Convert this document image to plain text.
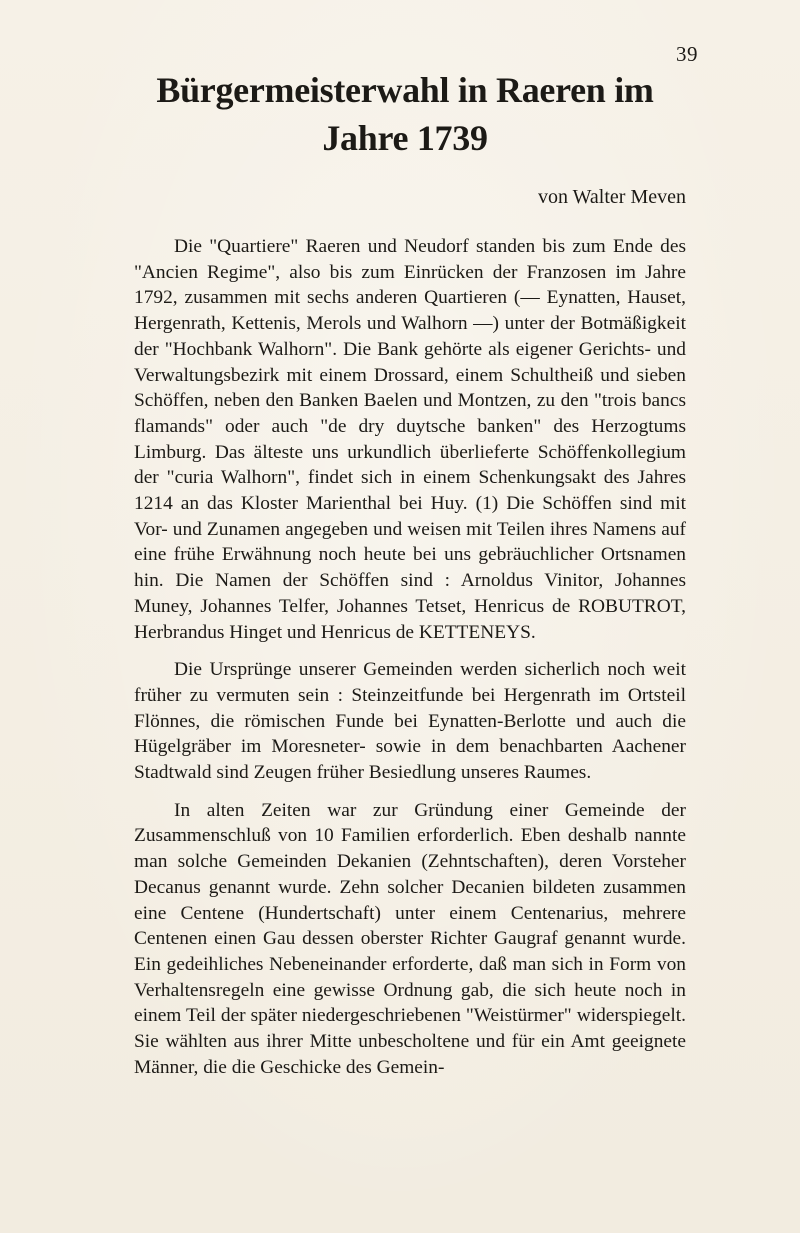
39
Bürgermeisterwahl in Raeren im Jahre 1739
von Walter Meven

Die "Quartiere" Raeren und Neudorf standen bis zum Ende des "Ancien Regime", also bis zum Einrücken der Franzosen im Jahre 1792, zusammen mit sechs anderen Quartieren (— Eynatten, Hauset, Hergenrath, Kettenis, Merols und Walhorn —) unter der Botmäßigkeit der "Hochbank Walhorn". Die Bank gehörte als eigener Gerichts- und Verwaltungsbezirk mit einem Drossard, einem Schultheiß und sieben Schöffen, neben den Banken Baelen und Montzen, zu den "trois bancs flamands" oder auch "de dry duytsche banken" des Herzogtums Limburg. Das älteste uns urkundlich überlieferte Schöffenkollegium der "curia Walhorn", findet sich in einem Schenkungsakt des Jahres 1214 an das Kloster Marienthal bei Huy. (1) Die Schöffen sind mit Vor- und Zunamen angegeben und weisen mit Teilen ihres Namens auf eine frühe Erwähnung noch heute bei uns gebräuchlicher Ortsnamen hin. Die Namen der Schöffen sind : Arnoldus Vinitor, Johannes Muney, Johannes Telfer, Johannes Tetset, Henricus de ROBUTROT, Herbrandus Hinget und Henricus de KETTENEYS.

Die Ursprünge unserer Gemeinden werden sicherlich noch weit früher zu vermuten sein : Steinzeitfunde bei Hergenrath im Ortsteil Flönnes, die römischen Funde bei Eynatten-Berlotte und auch die Hügelgräber im Moresneter- sowie in dem benachbarten Aachener Stadtwald sind Zeugen früher Besiedlung unseres Raumes.

In alten Zeiten war zur Gründung einer Gemeinde der Zusammenschluß von 10 Familien erforderlich. Eben deshalb nannte man solche Gemeinden Dekanien (Zehntschaften), deren Vorsteher Decanus genannt wurde. Zehn solcher Decanien bildeten zusammen eine Centene (Hundertschaft) unter einem Centenarius, mehrere Centenen einen Gau dessen oberster Richter Gaugraf genannt wurde. Ein gedeihliches Nebeneinander erforderte, daß man sich in Form von Verhaltensregeln eine gewisse Ordnung gab, die sich heute noch in einem Teil der später niedergeschriebenen "Weistürmer" widerspiegelt. Sie wählten aus ihrer Mitte unbescholtene und für ein Amt geeignete Männer, die die Geschicke des Gemein-
